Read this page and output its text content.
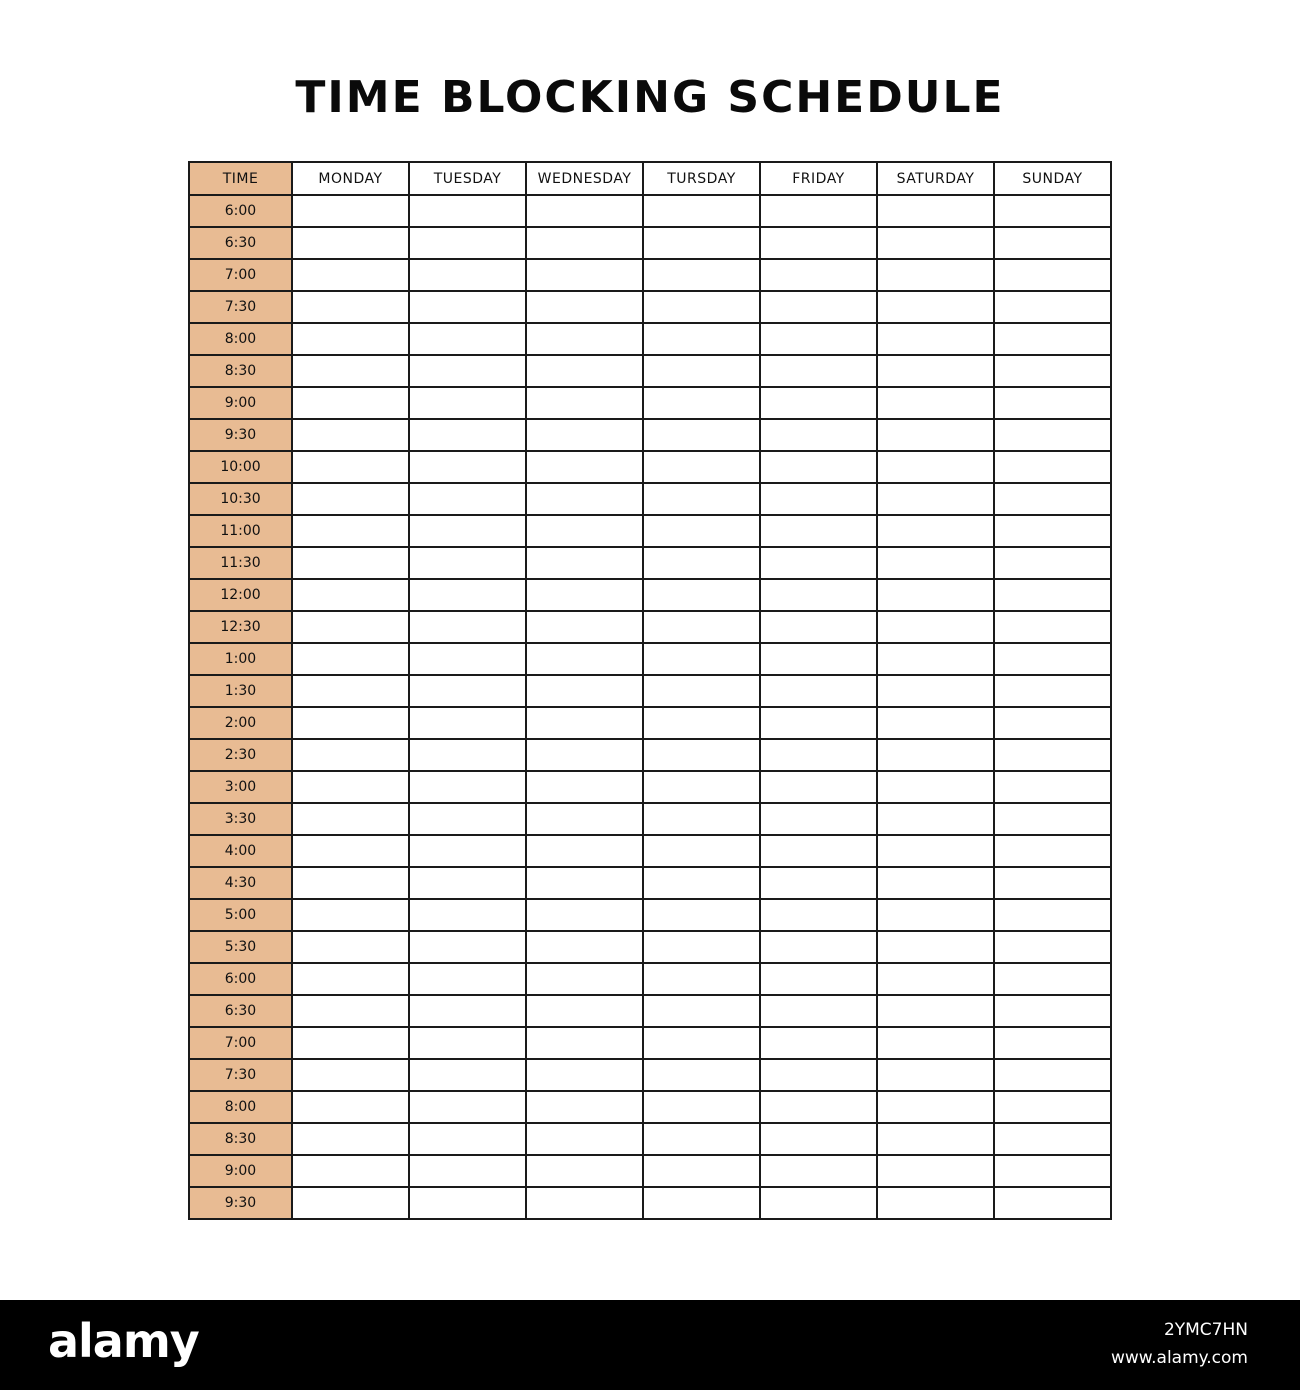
TIME BLOCKING SCHEDULE
TIME	MONDAY	TUESDAY	WEDNESDAY	TURSDAY	FRIDAY	SATURDAY	SUNDAY
6:00							
6:30							
7:00							
7:30							
8:00							
8:30							
9:00							
9:30							
10:00							
10:30							
11:00							
11:30							
12:00							
12:30							
1:00							
1:30							
2:00							
2:30							
3:00							
3:30							
4:00							
4:30							
5:00							
5:30							
6:00							
6:30							
7:00							
7:30							
8:00							
8:30							
9:00							
9:30							
alamy	2YMC7HN
www.alamy.com
